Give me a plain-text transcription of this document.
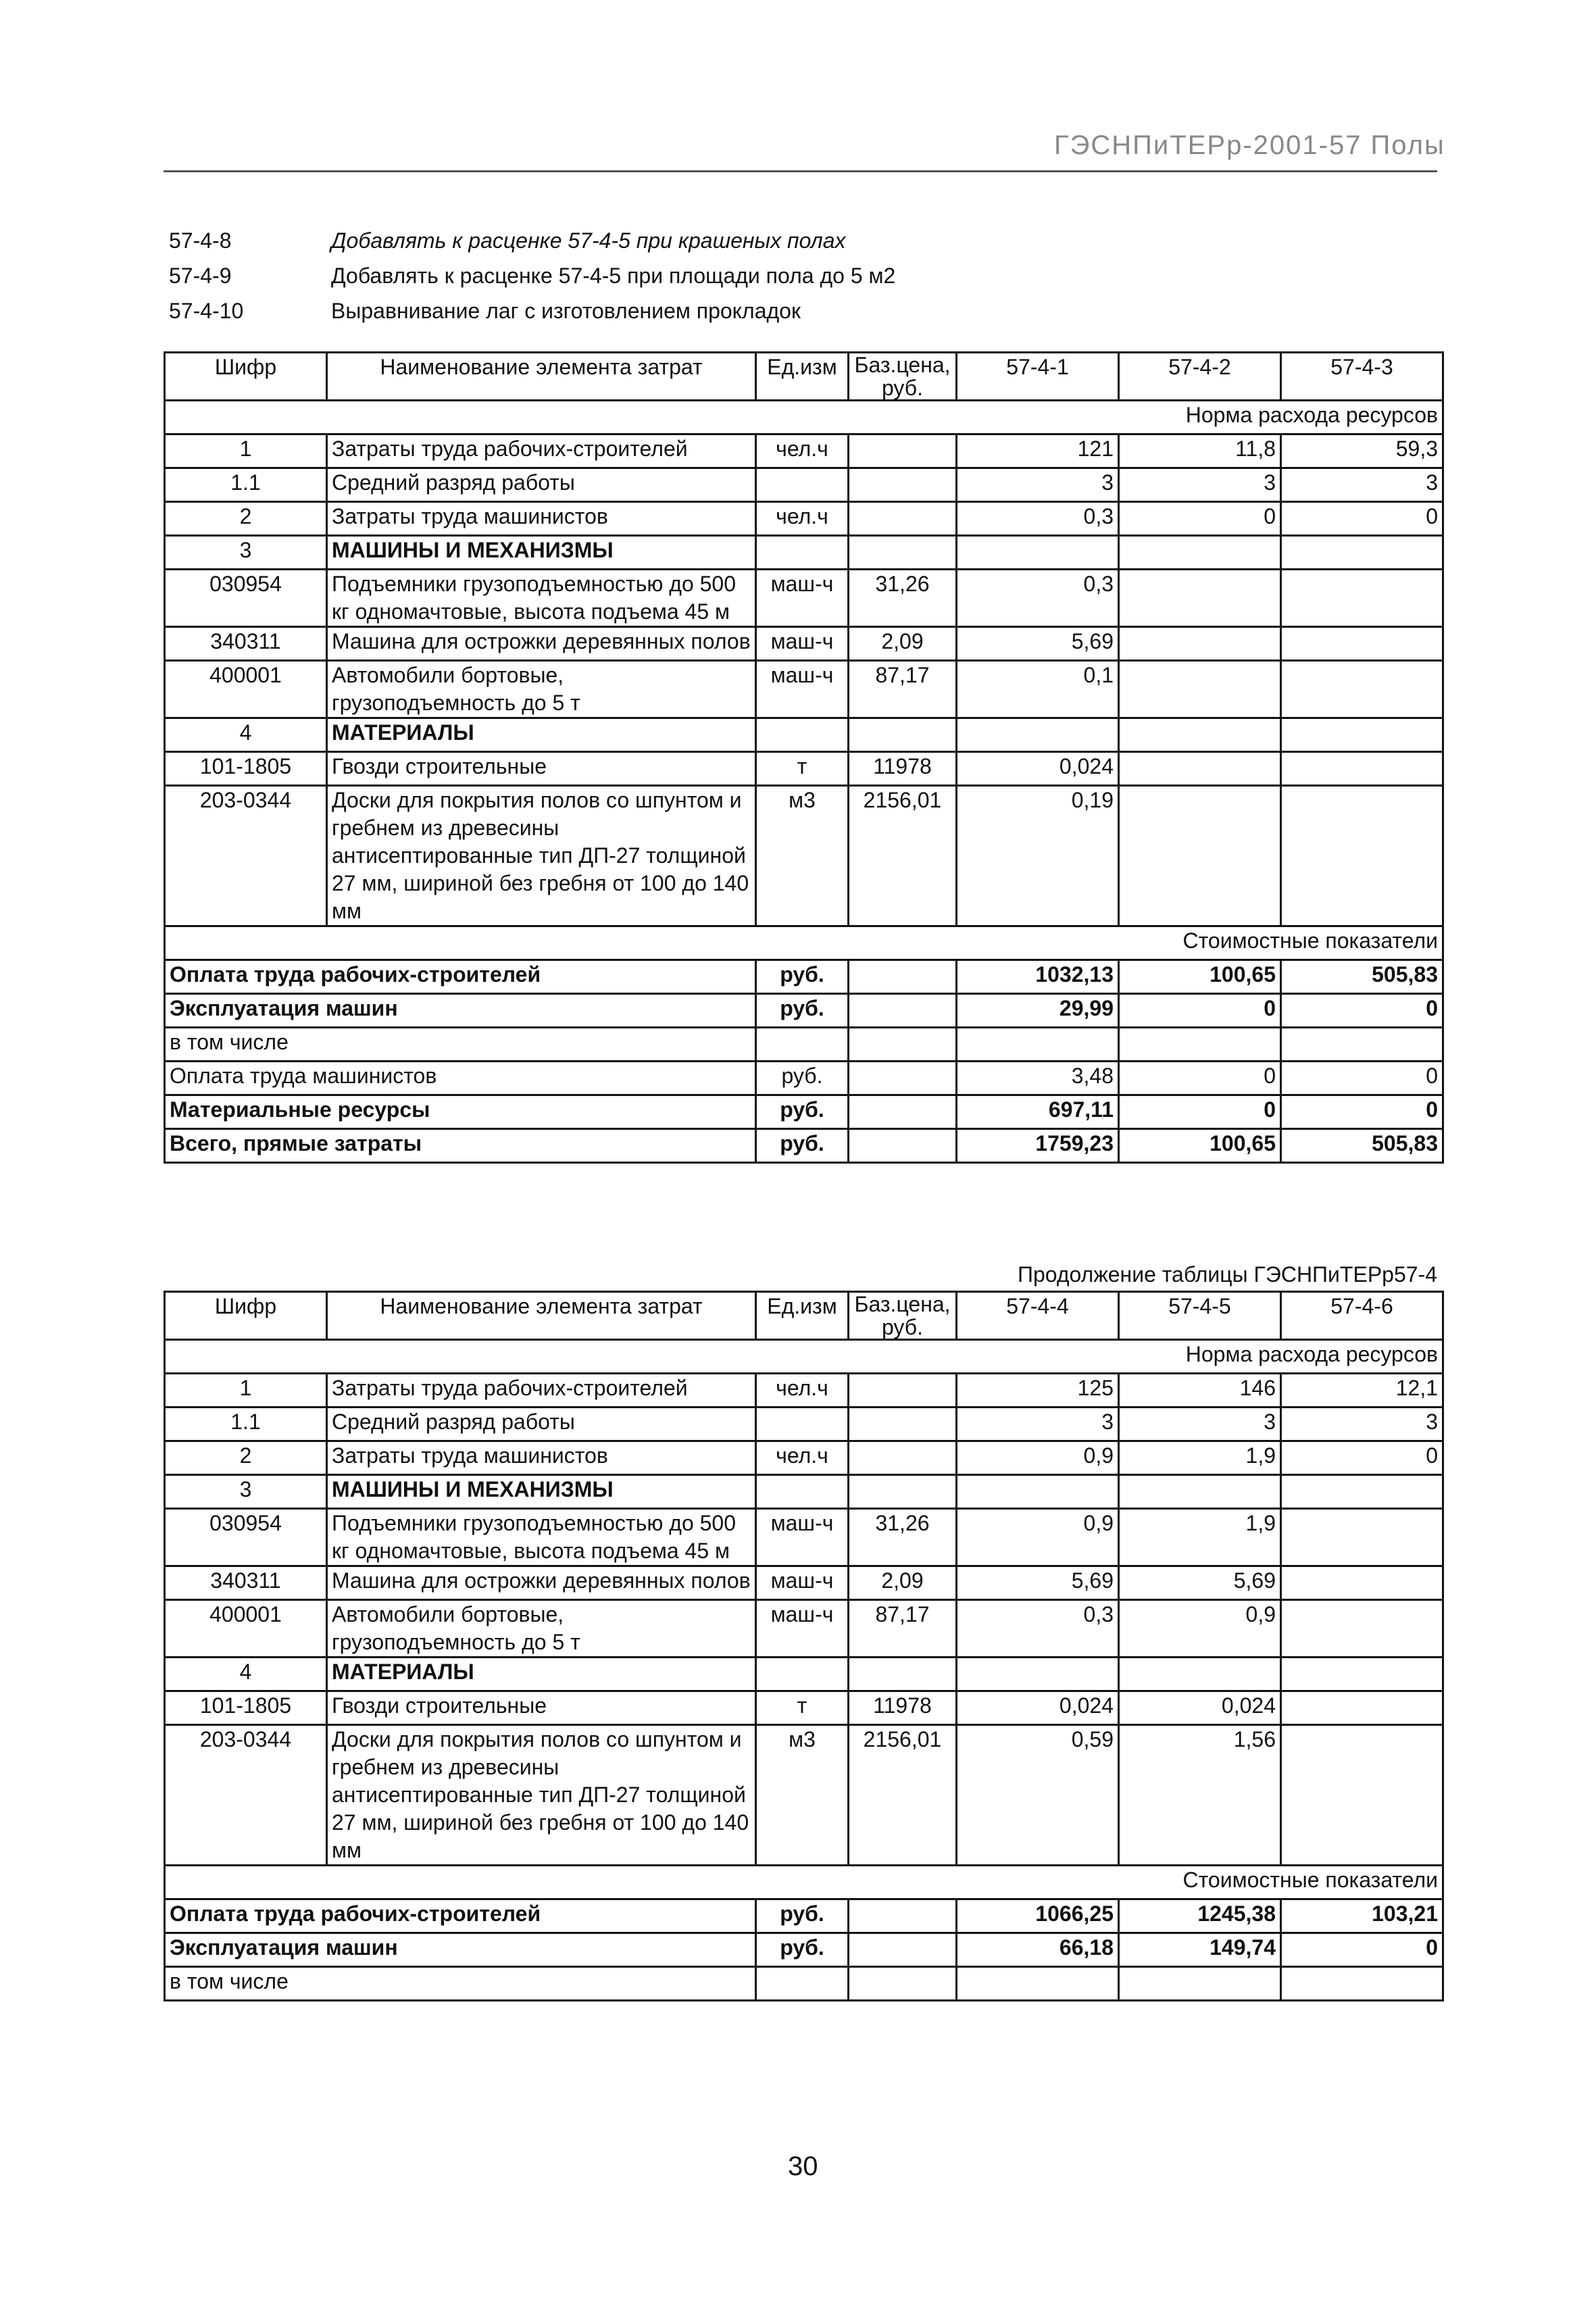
ГЭСНПиТЕРр-2001-57 Полы
57-4-8	Добавлять к расценке 57-4-5 при крашеных полах
57-4-9	Добавлять к расценке 57-4-5 при площади пола до 5 м2
57-4-10	Выравнивание лаг с изготовлением прокладок
Шифр	Наименование элемента затрат	Ед.изм	Баз.цена, руб.	57-4-1	57-4-2	57-4-3
Норма расхода ресурсов						
1	Затраты труда рабочих-строителей	чел.ч		121	11,8	59,3
1.1	Средний разряд работы			3	3	3
2	Затраты труда машинистов	чел.ч		0,3	0	0
3	МАШИНЫ И МЕХАНИЗМЫ					
030954	Подъемники грузоподъемностью до 500 кг одномачтовые, высота подъема 45 м	маш-ч	31,26	0,3		
340311	Машина для острожки деревянных полов	маш-ч	2,09	5,69		
400001	Автомобили бортовые, грузоподъемность до 5 т	маш-ч	87,17	0,1		
4	МАТЕРИАЛЫ					
101-1805	Гвозди строительные	т	11978	0,024		
203-0344	Доски для покрытия полов со шпунтом и гребнем из древесины антисептированные тип ДП-27 толщиной 27 мм, шириной без гребня от 100 до 140 мм	м3	2156,01	0,19		
Стоимостные показатели						
Оплата труда рабочих-строителей		руб.		1032,13	100,65	505,83
Эксплуатация машин		руб.		29,99	0	0
в том числе						
Оплата труда машинистов		руб.		3,48	0	0
Материальные ресурсы		руб.		697,11	0	0
Всего, прямые затраты		руб.		1759,23	100,65	505,83
Продолжение таблицы ГЭСНПиТЕРр57-4
Шифр	Наименование элемента затрат	Ед.изм	Баз.цена, руб.	57-4-4	57-4-5	57-4-6
Норма расхода ресурсов						
1	Затраты труда рабочих-строителей	чел.ч		125	146	12,1
1.1	Средний разряд работы			3	3	3
2	Затраты труда машинистов	чел.ч		0,9	1,9	0
3	МАШИНЫ И МЕХАНИЗМЫ					
030954	Подъемники грузоподъемностью до 500 кг одномачтовые, высота подъема 45 м	маш-ч	31,26	0,9	1,9	
340311	Машина для острожки деревянных полов	маш-ч	2,09	5,69	5,69	
400001	Автомобили бортовые, грузоподъемность до 5 т	маш-ч	87,17	0,3	0,9	
4	МАТЕРИАЛЫ					
101-1805	Гвозди строительные	т	11978	0,024	0,024	
203-0344	Доски для покрытия полов со шпунтом и гребнем из древесины антисептированные тип ДП-27 толщиной 27 мм, шириной без гребня от 100 до 140 мм	м3	2156,01	0,59	1,56	
Стоимостные показатели						
Оплата труда рабочих-строителей		руб.		1066,25	1245,38	103,21
Эксплуатация машин		руб.		66,18	149,74	0
в том числе						
30
